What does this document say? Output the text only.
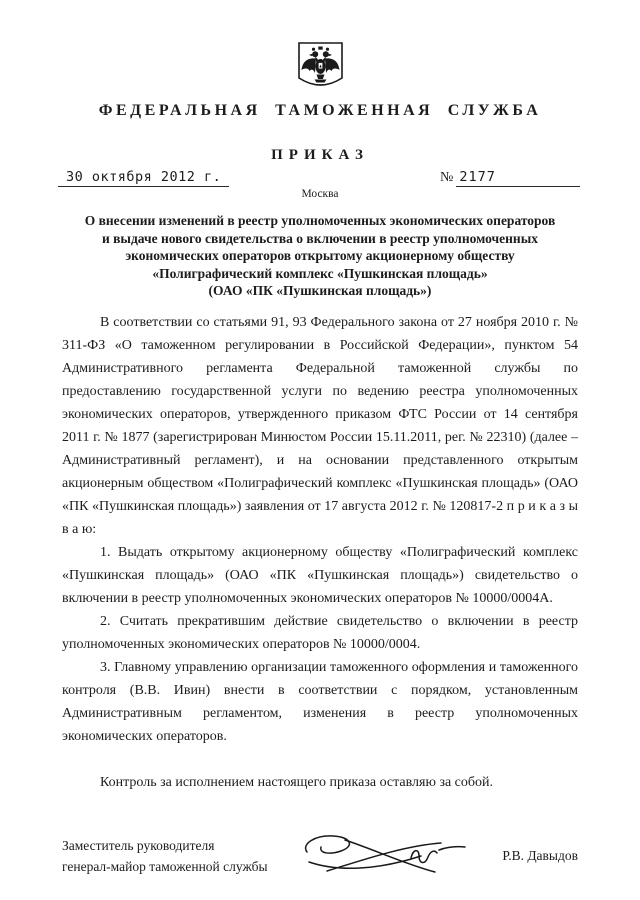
ФЕДЕРАЛЬНАЯ ТАМОЖЕННАЯ СЛУЖБА
ПРИКАЗ
30 октября 2012 г.	№ 2177
Москва
О внесении изменений в реестр уполномоченных экономических операторов
и выдаче нового свидетельства о включении в реестр уполномоченных
экономических операторов открытому акционерному обществу
«Полиграфический комплекс «Пушкинская площадь»
(ОАО «ПК «Пушкинская площадь»)

В соответствии со статьями 91, 93 Федерального закона от 27 ноября 2010 г. № 311-ФЗ «О таможенном регулировании в Российской Федерации», пунктом 54 Административного регламента Федеральной таможенной службы по предоставлению государственной услуги по ведению реестра уполномоченных экономических операторов, утвержденного приказом ФТС России от 14 сентября 2011 г. № 1877 (зарегистрирован Минюстом России 15.11.2011, рег. № 22310) (далее – Административный регламент), и на основании представленного открытым акционерным обществом «Полиграфический комплекс «Пушкинская площадь» (ОАО «ПК «Пушкинская площадь») заявления от 17 августа 2012 г. № 120817-2 п р и к а з ы в а ю:

1. Выдать открытому акционерному обществу «Полиграфический комплекс «Пушкинская площадь» (ОАО «ПК «Пушкинская площадь») свидетельство о включении в реестр уполномоченных экономических операторов № 10000/0004А.

2. Считать прекратившим действие свидетельство о включении в реестр уполномоченных экономических операторов № 10000/0004.

3. Главному управлению организации таможенного оформления и таможенного контроля (В.В. Ивин) внести в соответствии с порядком, установленным Административным регламентом, изменения в реестр уполномоченных экономических операторов.

Контроль за исполнением настоящего приказа оставляю за собой.

Заместитель руководителя
генерал-майор таможенной службы
Р.В. Давыдов
